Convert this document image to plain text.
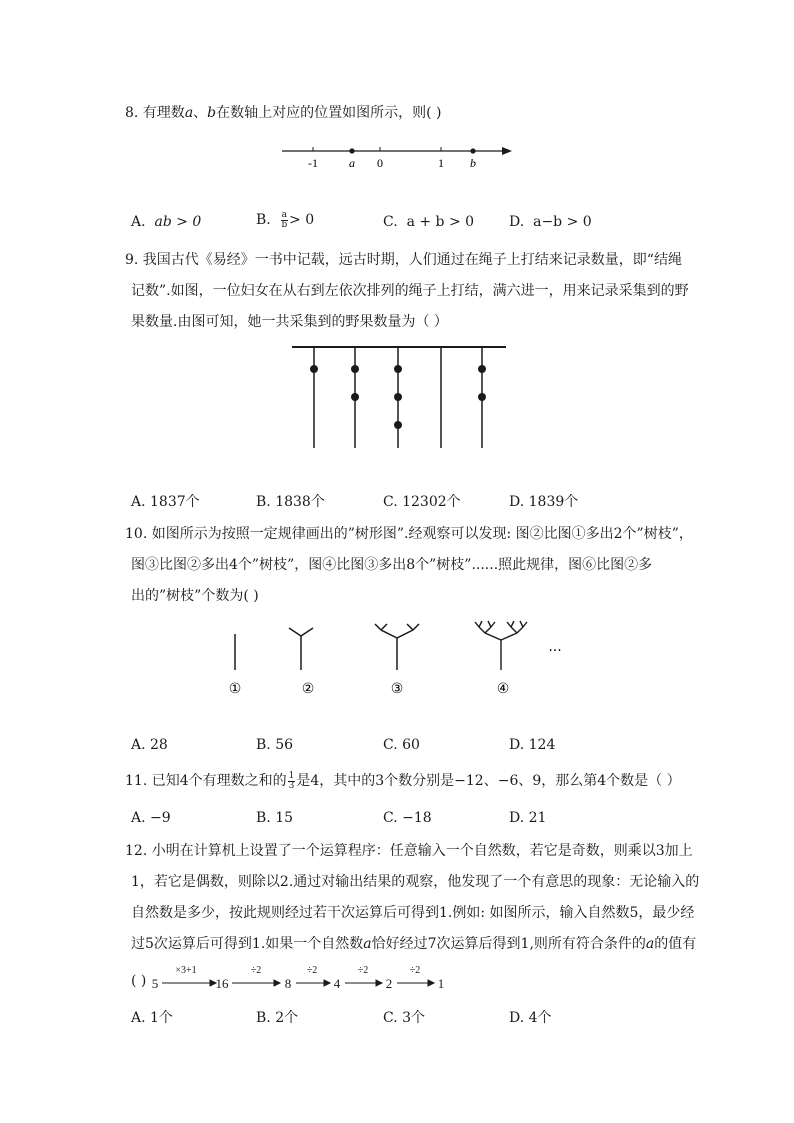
8. 有理数a、b在数轴上对应的位置如图所示，则( )
-1	a 0	1 b
A. ab > 0	B. $\frac{a}{b} > 0$	C. a + b > 0 D. a−b > 0
9. 我国古代《易经》一书中记载，远古时期，人们通过在绳子上打结来记录数量，即“结绳
记数”.如图，一位妇女在从右到左依次排列的绳子上打结，满六进一，用来记录采集到的野
果数量.由图可知，她一共采集到的野果数量为（ ）
A. 1837个	B. 1838个	C. 12302个	D. 1839个
10. 如图所示为按照一定规律画出的”树形图”.经观察可以发现: 图②比图①多出2个”树枝”，
图③比图②多出4个”树枝”，图④比图③多出8个”树枝”......照此规律，图⑥比图②多
出的”树枝”个数为( )
①	②	③	④
···
A. 28	B. 56	C. 60	D. 124
11. 已知4个有理数之和的 $\frac{1}{3}$ 是4，其中的3个数分别是−12、−6、9，那么第4个数是（ ）
A. −9	B. 15	C. −18	D. 21
12. 小明在计算机上设置了一个运算程序：任意输入一个自然数，若它是奇数，则乘以3加上
1，若它是偶数，则除以2.通过对输出结果的观察，他发现了一个有意思的现象：无论输入的
自然数是多少，按此规则经过若干次运算后可得到1.例如: 如图所示，输入自然数5，最少经
过5次运算后可得到1.如果一个自然数a恰好经过7次运算后得到1,则所有符合条件的a的值有
( ) 5	16	8	4	2	1
×3+1	÷2	÷2	÷2	÷2
A. 1个	B. 2个	C. 3个	D. 4个
